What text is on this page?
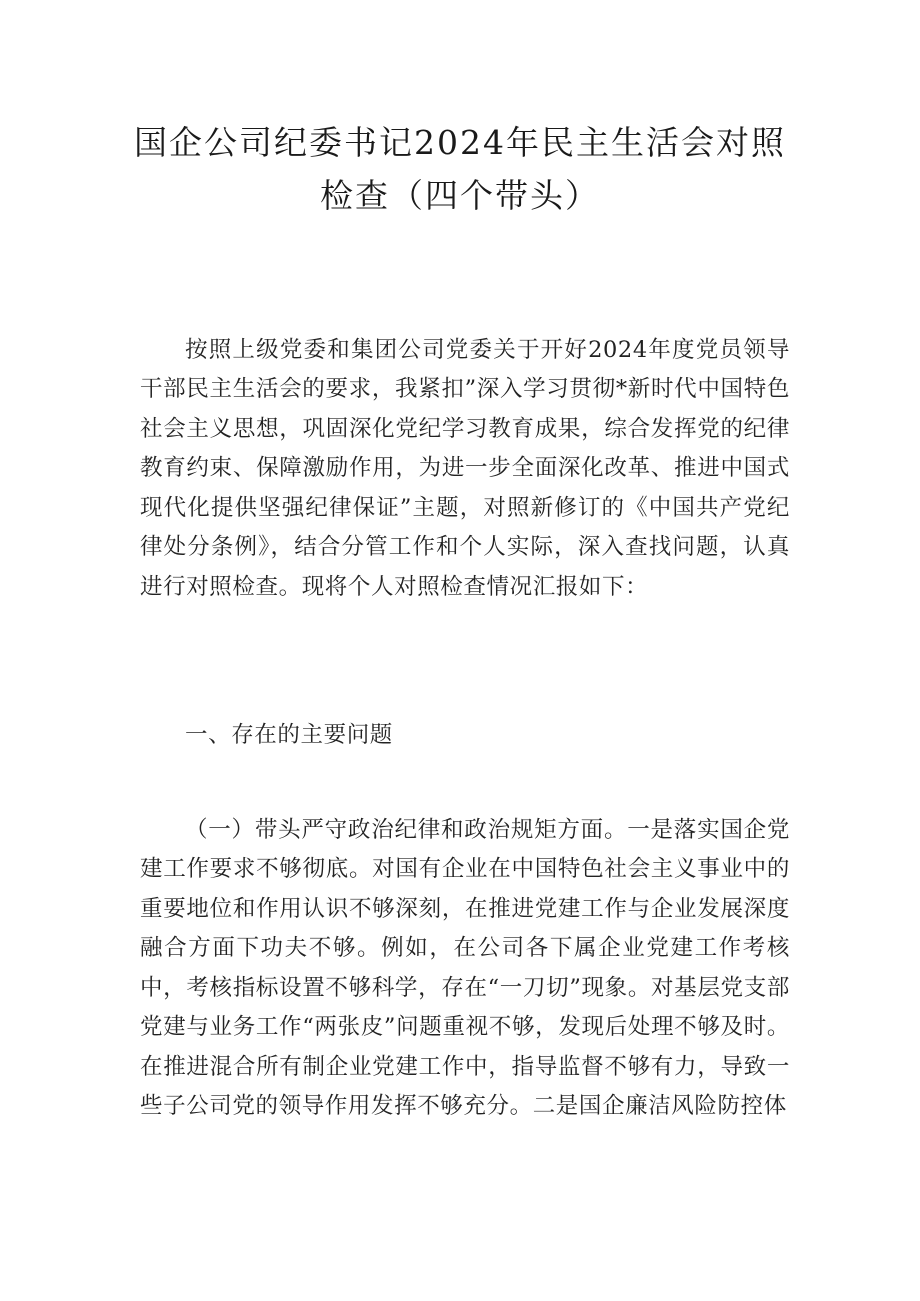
国企公司纪委书记2024年民主生活会对照
检查（四个带头）

按照上级党委和集团公司党委关于开好2024年度党员领导干部民主生活会的要求，我紧扣”深入学习贯彻*新时代中国特色社会主义思想，巩固深化党纪学习教育成果，综合发挥党的纪律教育约束、保障激励作用，为进一步全面深化改革、推进中国式现代化提供坚强纪律保证”主题，对照新修订的《中国共产党纪律处分条例》，结合分管工作和个人实际，深入查找问题，认真进行对照检查。现将个人对照检查情况汇报如下：

一、存在的主要问题

（一）带头严守政治纪律和政治规矩方面。一是落实国企党建工作要求不够彻底。对国有企业在中国特色社会主义事业中的重要地位和作用认识不够深刻，在推进党建工作与企业发展深度融合方面下功夫不够。例如，在公司各下属企业党建工作考核中，考核指标设置不够科学，存在“一刀切”现象。对基层党支部党建与业务工作“两张皮”问题重视不够，发现后处理不够及时。在推进混合所有制企业党建工作中，指导监督不够有力，导致一些子公司党的领导作用发挥不够充分。二是国企廉洁风险防控体
